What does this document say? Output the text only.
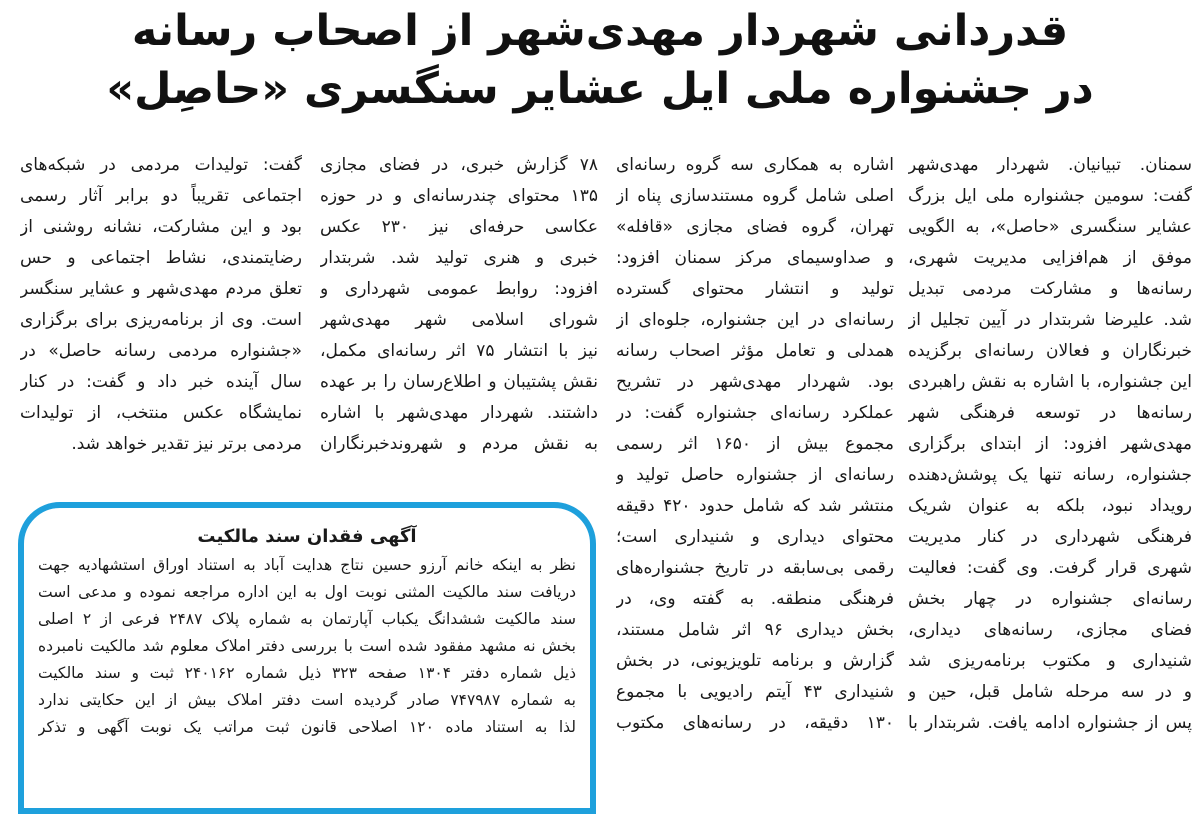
قدردانی شهردار مهدی‌شهر از اصحاب رسانه
در جشنواره ملی ایل عشایر سنگسری «حاصِل»
سمنان. تبیانیان. شهردار مهدی‌شهر
گفت: سومین جشنواره ملی ایل بزرگ
عشایر سنگسری «حاصل»، به الگویی
موفق از هم‌افزایی مدیریت شهری،
رسانه‌ها و مشارکت مردمی تبدیل
شد. علیرضا شربتدار در آیین تجلیل از
خبرنگاران و فعالان رسانه‌ای برگزیده
این جشنواره، با اشاره به نقش راهبردی
رسانه‌ها در توسعه فرهنگی شهر
مهدی‌شهر افزود: از ابتدای برگزاری
جشنواره، رسانه تنها یک پوشش‌دهنده
رویداد نبود، بلکه به عنوان شریک
فرهنگی شهرداری در کنار مدیریت
شهری قرار گرفت. وی گفت: فعالیت
رسانه‌ای جشنواره در چهار بخش
فضای مجازی، رسانه‌های دیداری،
شنیداری و مکتوب برنامه‌ریزی شد
و در سه مرحله شامل قبل، حین و
پس از جشنواره ادامه یافت. شربتدار با
اشاره به همکاری سه گروه رسانه‌ای
اصلی شامل گروه مستندسازی پناه از
تهران، گروه فضای مجازی «قافله»
و صداوسیمای مرکز سمنان افزود:
تولید و انتشار محتوای گسترده
رسانه‌ای در این جشنواره، جلوه‌ای از
همدلی و تعامل مؤثر اصحاب رسانه
بود. شهردار مهدی‌شهر در تشریح
عملکرد رسانه‌ای جشنواره گفت: در
مجموع بیش از ۱۶۵۰ اثر رسمی
رسانه‌ای از جشنواره حاصل تولید و
منتشر شد که شامل حدود ۴۲۰ دقیقه
محتوای دیداری و شنیداری است؛
رقمی بی‌سابقه در تاریخ جشنواره‌های
فرهنگی منطقه. به گفته وی، در
بخش دیداری ۹۶ اثر شامل مستند،
گزارش و برنامه تلویزیونی، در بخش
شنیداری ۴۳ آیتم رادیویی با مجموع
۱۳۰ دقیقه، در رسانه‌های مکتوب
۷۸ گزارش خبری، در فضای مجازی
۱۳۵ محتوای چندرسانه‌ای و در حوزه
عکاسی حرفه‌ای نیز ۲۳۰ عکس
خبری و هنری تولید شد. شربتدار
افزود: روابط عمومی شهرداری و
شورای اسلامی شهر مهدی‌شهر
نیز با انتشار ۷۵ اثر رسانه‌ای مکمل،
نقش پشتیبان و اطلاع‌رسان را بر عهده
داشتند. شهردار مهدی‌شهر با اشاره
به نقش مردم و شهروندخبرنگاران
گفت: تولیدات مردمی در شبکه‌های
اجتماعی تقریباً دو برابر آثار رسمی
بود و این مشارکت، نشانه روشنی از
رضایتمندی، نشاط اجتماعی و حس
تعلق مردم مهدی‌شهر و عشایر سنگسر
است. وی از برنامه‌ریزی برای برگزاری
«جشنواره مردمی رسانه حاصل» در
سال آینده خبر داد و گفت: در کنار
نمایشگاه عکس منتخب، از تولیدات
مردمی برتر نیز تقدیر خواهد شد.
آگهی فقدان سند مالکیت
نظر به اینکه خانم آرزو حسین نتاج هدایت آباد به استناد اوراق استشهادیه جهت
دریافت سند مالکیت المثنی نوبت اول به این اداره مراجعه نموده و مدعی است
سند مالکیت ششدانگ یکباب آپارتمان به شماره پلاک ۲۴۸۷ فرعی از ۲ اصلی
بخش نه مشهد مفقود شده است با بررسی دفتر املاک معلوم شد مالکیت نامبرده
ذیل شماره دفتر ۱۳۰۴ صفحه ۳۲۳ ذیل شماره ۲۴۰۱۶۲ ثبت و سند مالکیت
به شماره ۷۴۷۹۸۷ صادر گردیده است دفتر املاک بیش از این حکایتی ندارد
لذا به استناد ماده ۱۲۰ اصلاحی قانون ثبت مراتب یک نوبت آگهی و تذکر
